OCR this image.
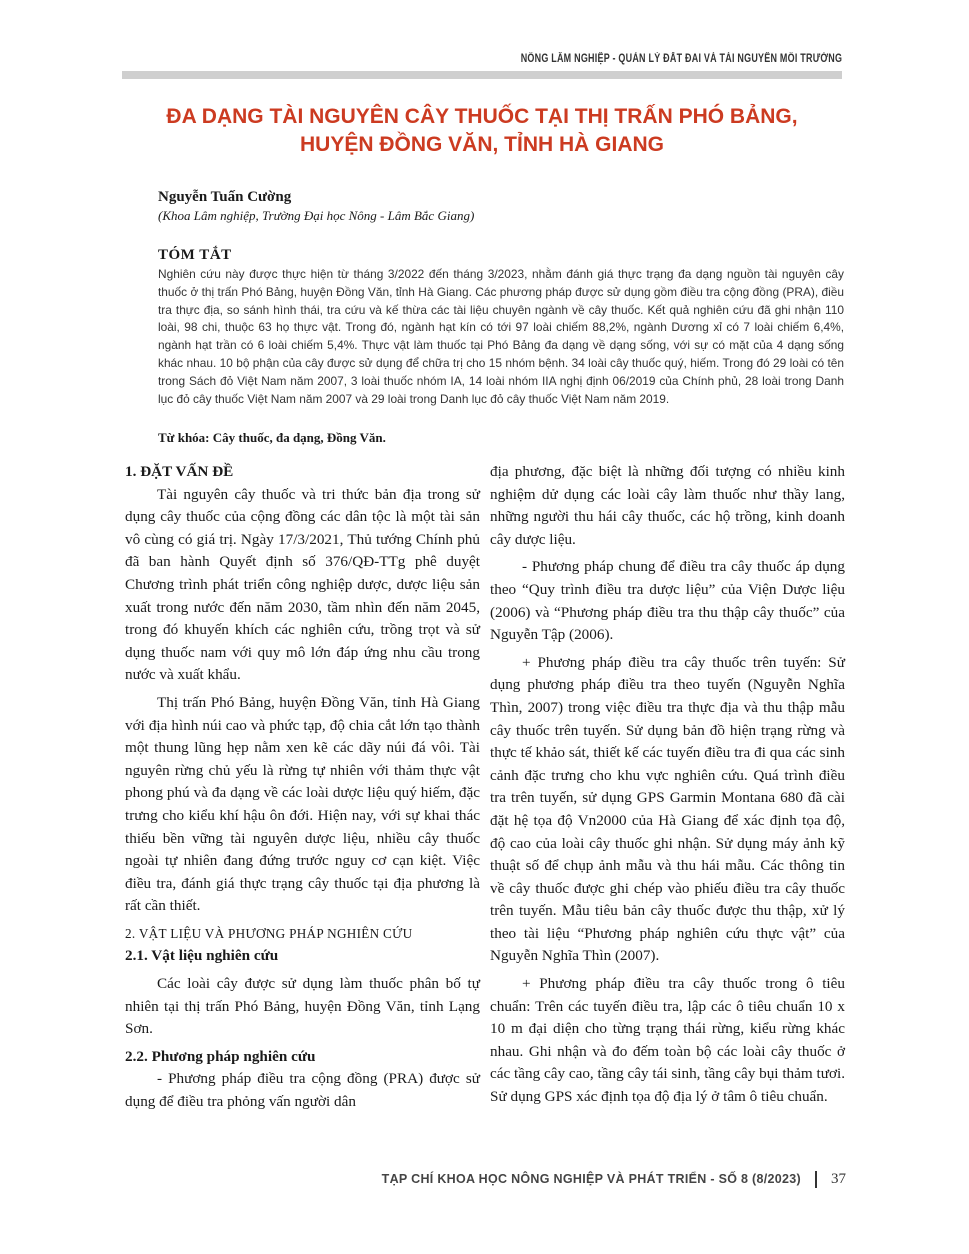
NÔNG LÂM NGHIỆP - QUẢN LÝ ĐẤT ĐAI VÀ TÀI NGUYÊN MÔI TRƯỜNG
ĐA DẠNG TÀI NGUYÊN CÂY THUỐC TẠI THỊ TRẤN PHÓ BẢNG,
HUYỆN ĐỒNG VĂN, TỈNH HÀ GIANG
Nguyễn Tuấn Cường
(Khoa Lâm nghiệp, Trường Đại học Nông - Lâm Bắc Giang)
TÓM TẮT
Nghiên cứu này được thực hiện từ tháng 3/2022 đến tháng 3/2023, nhằm đánh giá thực trạng đa dạng nguồn tài nguyên cây thuốc ở thị trấn Phó Bảng, huyện Đồng Văn, tỉnh Hà Giang. Các phương pháp được sử dụng gồm điều tra cộng đồng (PRA), điều tra thực địa, so sánh hình thái, tra cứu và kế thừa các tài liệu chuyên ngành về cây thuốc. Kết quả nghiên cứu đã ghi nhận 110 loài, 98 chi, thuộc 63 họ thực vật. Trong đó, ngành hạt kín có tới 97 loài chiếm 88,2%, ngành Dương xỉ có 7 loài chiếm 6,4%, ngành hạt trần có 6 loài chiếm 5,4%. Thực vật làm thuốc tại Phó Bảng đa dạng về dạng sống, với sự có mặt của 4 dạng sống khác nhau. 10 bộ phận của cây được sử dụng để chữa trị cho 15 nhóm bệnh. 34 loài cây thuốc quý, hiếm. Trong đó 29 loài có tên trong Sách đỏ Việt Nam năm 2007, 3 loài thuốc nhóm IA, 14 loài nhóm IIA nghị định 06/2019 của Chính phủ, 28 loài trong Danh lục đỏ cây thuốc Việt Nam năm 2007 và 29 loài trong Danh lục đỏ cây thuốc Việt Nam năm 2019.
Từ khóa: Cây thuốc, đa dạng, Đồng Văn.

1. ĐẶT VẤN ĐỀ

Tài nguyên cây thuốc và tri thức bản địa trong sử dụng cây thuốc của cộng đồng các dân tộc là một tài sản vô cùng có giá trị. Ngày 17/3/2021, Thủ tướng Chính phủ đã ban hành Quyết định số 376/QĐ-TTg phê duyệt Chương trình phát triển công nghiệp dược, dược liệu sản xuất trong nước đến năm 2030, tầm nhìn đến năm 2045, trong đó khuyến khích các nghiên cứu, trồng trọt và sử dụng thuốc nam với quy mô lớn đáp ứng nhu cầu trong nước và xuất khẩu.

Thị trấn Phó Bảng, huyện Đồng Văn, tỉnh Hà Giang với địa hình núi cao và phức tạp, độ chia cắt lớn tạo thành một thung lũng hẹp nằm xen kẽ các dãy núi đá vôi. Tài nguyên rừng chủ yếu là rừng tự nhiên với thảm thực vật phong phú và đa dạng về các loài dược liệu quý hiếm, đặc trưng cho kiểu khí hậu ôn đới. Hiện nay, với sự khai thác thiếu bền vững tài nguyên dược liệu, nhiều cây thuốc ngoài tự nhiên đang đứng trước nguy cơ cạn kiệt. Việc điều tra, đánh giá thực trạng cây thuốc tại địa phương là rất cần thiết.

2. VẬT LIỆU VÀ PHƯƠNG PHÁP NGHIÊN CỨU

2.1. Vật liệu nghiên cứu

Các loài cây được sử dụng làm thuốc phân bố tự nhiên tại thị trấn Phó Bảng, huyện Đồng Văn, tỉnh Lạng Sơn.

2.2. Phương pháp nghiên cứu

- Phương pháp điều tra cộng đồng (PRA) được sử dụng để điều tra phỏng vấn người dân

địa phương, đặc biệt là những đối tượng có nhiều kinh nghiệm dử dụng các loài cây làm thuốc như thầy lang, những người thu hái cây thuốc, các hộ trồng, kinh doanh cây dược liệu.

- Phương pháp chung để điều tra cây thuốc áp dụng theo “Quy trình điều tra dược liệu” của Viện Dược liệu (2006) và “Phương pháp điều tra thu thập cây thuốc” của Nguyễn Tập (2006).

+ Phương pháp điều tra cây thuốc trên tuyến: Sử dụng phương pháp điều tra theo tuyến (Nguyễn Nghĩa Thìn, 2007) trong việc điều tra thực địa và thu thập mẫu cây thuốc trên tuyến. Sử dụng bản đồ hiện trạng rừng và thực tế khảo sát, thiết kế các tuyến điều tra đi qua các sinh cảnh đặc trưng cho khu vực nghiên cứu. Quá trình điều tra trên tuyến, sử dụng GPS Garmin Montana 680 đã cài đặt hệ tọa độ Vn2000 của Hà Giang để xác định tọa độ, độ cao của loài cây thuốc ghi nhận. Sử dụng máy ảnh kỹ thuật số để chụp ảnh mẫu và thu hái mẫu. Các thông tin về cây thuốc được ghi chép vào phiếu điều tra cây thuốc trên tuyến. Mẫu tiêu bản cây thuốc được thu thập, xử lý theo tài liệu “Phương pháp nghiên cứu thực vật” của Nguyễn Nghĩa Thìn (2007).

+ Phương pháp điều tra cây thuốc trong ô tiêu chuẩn: Trên các tuyến điều tra, lập các ô tiêu chuẩn 10 x 10 m đại diện cho từng trạng thái rừng, kiểu rừng khác nhau. Ghi nhận và đo đếm toàn bộ các loài cây thuốc ở các tầng cây cao, tầng cây tái sinh, tầng cây bụi thảm tươi. Sử dụng GPS xác định tọa độ địa lý ở tâm ô tiêu chuẩn.

TẠP CHÍ KHOA HỌC NÔNG NGHIỆP VÀ PHÁT TRIỂN - SỐ 8 (8/2023) 37
